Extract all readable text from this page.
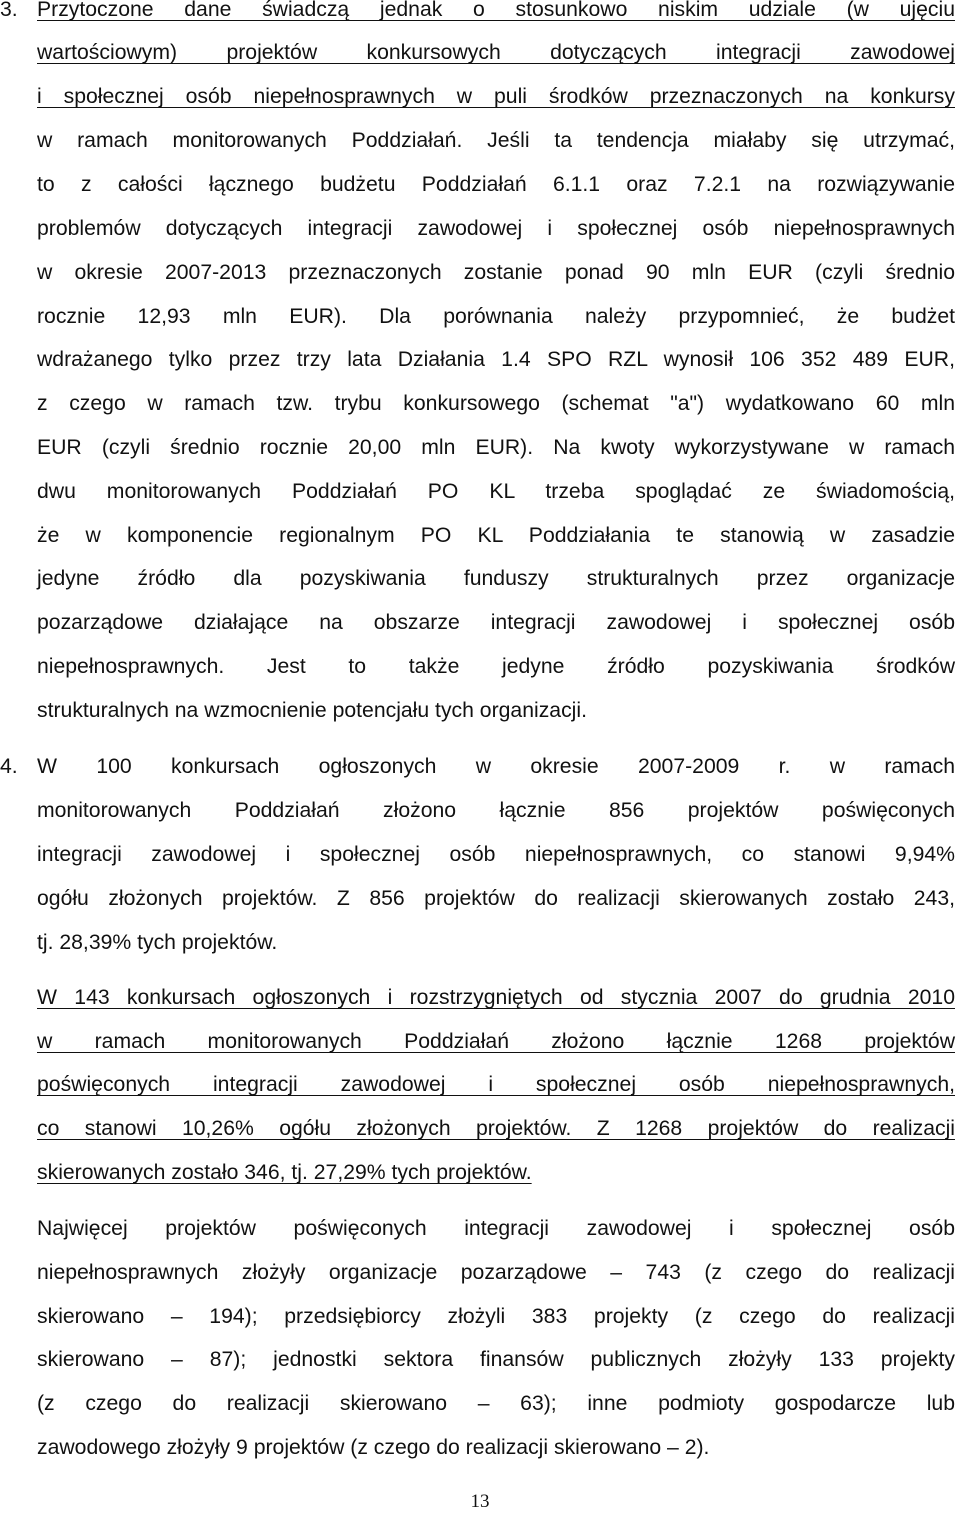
3. Przytoczone dane świadczą jednak o stosunkowo niskim udziale (w ujęciu
wartościowym) projektów konkursowych dotyczących integracji zawodowej
i społecznej osób niepełnosprawnych w puli środków przeznaczonych na konkursy
w ramach monitorowanych Poddziałań. Jeśli ta tendencja miałaby się utrzymać,
to z całości łącznego budżetu Poddziałań 6.1.1 oraz 7.2.1 na rozwiązywanie
problemów dotyczących integracji zawodowej i społecznej osób niepełnosprawnych
w okresie 2007-2013 przeznaczonych zostanie ponad 90 mln EUR (czyli średnio
rocznie 12,93 mln EUR). Dla porównania należy przypomnieć, że budżet
wdrażanego tylko przez trzy lata Działania 1.4 SPO RZL wynosił 106 352 489 EUR,
z czego w ramach tzw. trybu konkursowego (schemat "a") wydatkowano 60 mln
EUR (czyli średnio rocznie 20,00 mln EUR). Na kwoty wykorzystywane w ramach
dwu monitorowanych Poddziałań PO KL trzeba spoglądać ze świadomością,
że w komponencie regionalnym PO KL Poddziałania te stanowią w zasadzie
jedyne źródło dla pozyskiwania funduszy strukturalnych przez organizacje
pozarządowe działające na obszarze integracji zawodowej i społecznej osób
niepełnosprawnych. Jest to także jedyne źródło pozyskiwania środków
strukturalnych na wzmocnienie potencjału tych organizacji.
4. W 100 konkursach ogłoszonych w okresie 2007-2009 r. w ramach
monitorowanych Poddziałań złożono łącznie 856 projektów poświęconych
integracji zawodowej i społecznej osób niepełnosprawnych, co stanowi 9,94%
ogółu złożonych projektów. Z 856 projektów do realizacji skierowanych zostało 243,
tj. 28,39% tych projektów.
W 143 konkursach ogłoszonych i rozstrzygniętych od stycznia 2007 do grudnia 2010
w ramach monitorowanych Poddziałań złożono łącznie 1268 projektów
poświęconych integracji zawodowej i społecznej osób niepełnosprawnych,
co stanowi 10,26% ogółu złożonych projektów. Z 1268 projektów do realizacji
skierowanych zostało 346, tj. 27,29% tych projektów.
Najwięcej projektów poświęconych integracji zawodowej i społecznej osób
niepełnosprawnych złożyły organizacje pozarządowe – 743 (z czego do realizacji
skierowano – 194); przedsiębiorcy złożyli 383 projekty (z czego do realizacji
skierowano – 87); jednostki sektora finansów publicznych złożyły 133 projekty
(z czego do realizacji skierowano – 63); inne podmioty gospodarcze lub
zawodowego złożyły 9 projektów (z czego do realizacji skierowano – 2).
13
